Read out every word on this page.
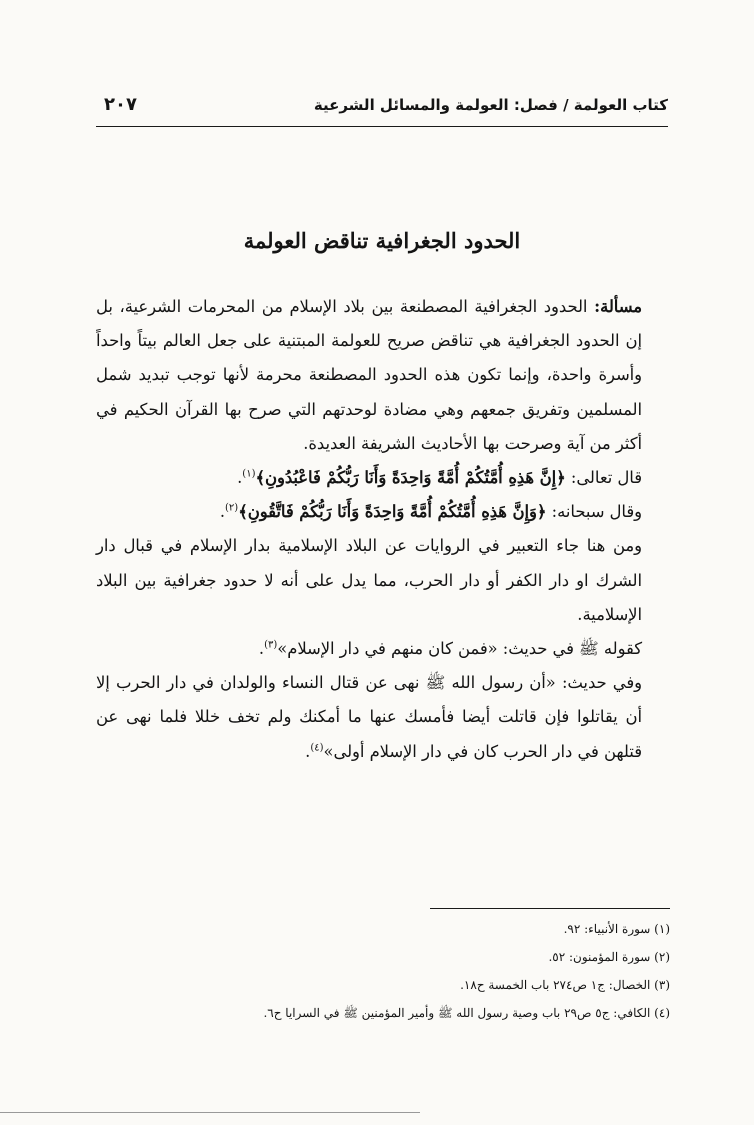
كتاب العولمة / فصل: العولمة والمسائل الشرعية
٢٠٧
الحدود الجغرافية تناقض العولمة

مسألة: الحدود الجغرافية المصطنعة بين بلاد الإسلام من المحرمات الشرعية، بل إن الحدود الجغرافية هي تناقض صريح للعولمة المبتنية على جعل العالم بيتاً واحداً وأسرة واحدة، وإنما تكون هذه الحدود المصطنعة محرمة لأنها توجب تبديد شمل المسلمين وتفريق جمعهم وهي مضادة لوحدتهم التي صرح بها القرآن الحكيم في أكثر من آية وصرحت بها الأحاديث الشريفة العديدة.

قال تعالى: ﴿إِنَّ هَذِهِ أُمَّتُكُمْ أُمَّةً وَاحِدَةً وَأَنَا رَبُّكُمْ فَاعْبُدُونِ﴾$^{(١)}$.

وقال سبحانه: ﴿وَإِنَّ هَذِهِ أُمَّتُكُمْ أُمَّةً وَاحِدَةً وَأَنَا رَبُّكُمْ فَاتَّقُونِ﴾$^{(٢)}$.

ومن هنا جاء التعبير في الروايات عن البلاد الإسلامية بدار الإسلام في قبال دار الشرك او دار الكفر أو دار الحرب، مما يدل على أنه لا حدود جغرافية بين البلاد الإسلامية.

كقوله ﷺ في حديث: «فمن كان منهم في دار الإسلام»$^{(٣)}$.

وفي حديث: «أن رسول الله ﷺ نهى عن قتال النساء والولدان في دار الحرب إلا أن يقاتلوا فإن قاتلت أيضا فأمسك عنها ما أمكنك ولم تخف خللا فلما نهى عن قتلهن في دار الحرب كان في دار الإسلام أولى»$^{(٤)}$.

(١) سورة الأنبياء: ٩٢.
(٢) سورة المؤمنون: ٥٢.
(٣) الخصال: ج١ ص٢٧٤ باب الخمسة ح١٨.
(٤) الكافي: ج٥ ص٢٩ باب وصية رسول الله ﷺ وأمير المؤمنين ﷺ في السرايا ح٦.
